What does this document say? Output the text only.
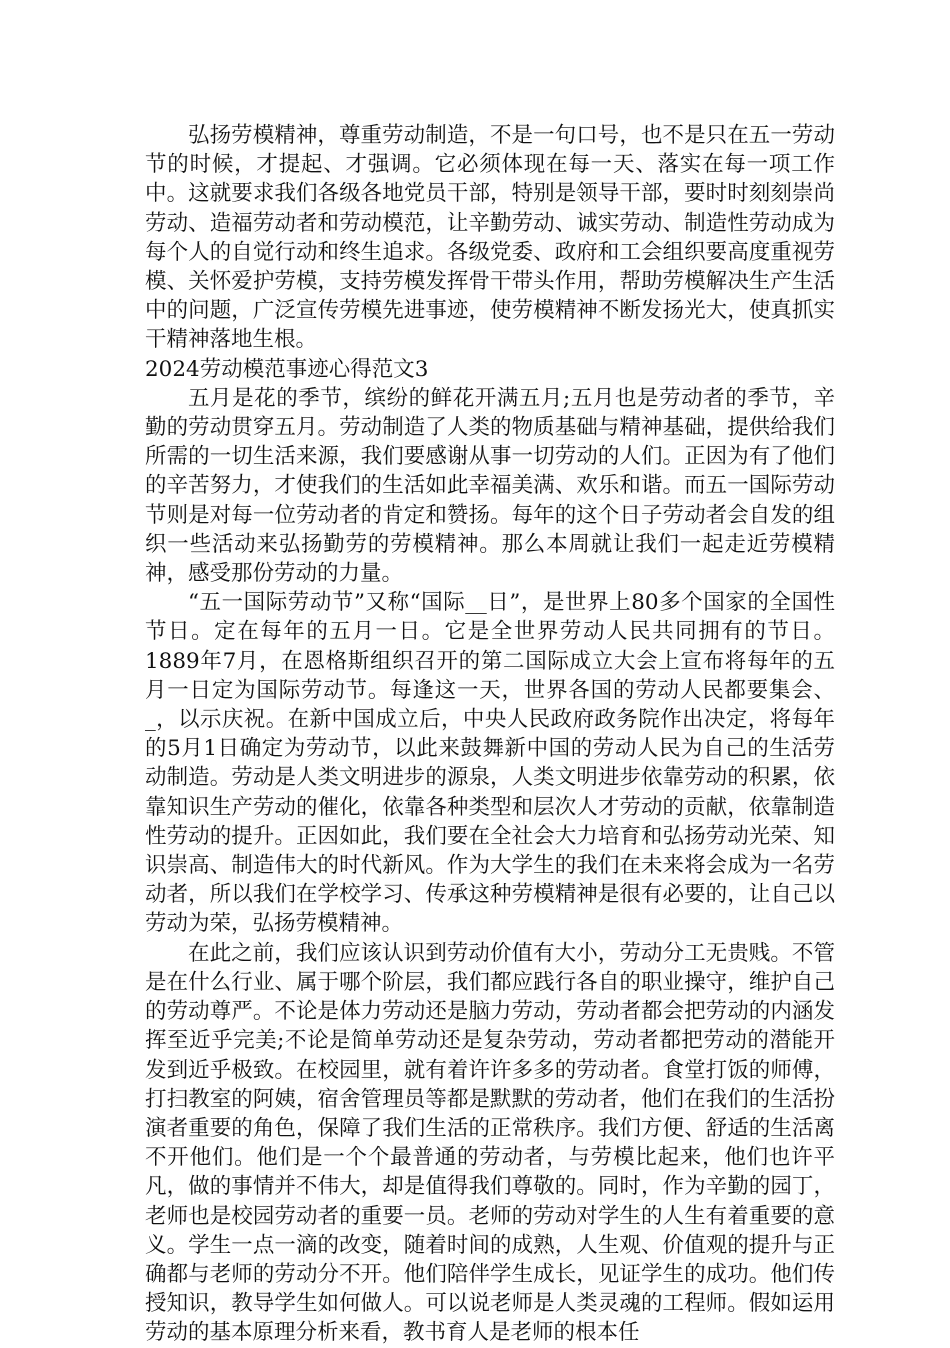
弘扬劳模精神，尊重劳动制造，不是一句口号，也不是只在五一劳动节的时候，才提起、才强调。它必须体现在每一天、落实在每一项工作中。这就要求我们各级各地党员干部，特别是领导干部，要时时刻刻崇尚劳动、造福劳动者和劳动模范，让辛勤劳动、诚实劳动、制造性劳动成为每个人的自觉行动和终生追求。各级党委、政府和工会组织要高度重视劳模、关怀爱护劳模，支持劳模发挥骨干带头作用，帮助劳模解决生产生活中的问题，广泛宣传劳模先进事迹，使劳模精神不断发扬光大，使真抓实干精神落地生根。

2024劳动模范事迹心得范文3

五月是花的季节，缤纷的鲜花开满五月;五月也是劳动者的季节，辛勤的劳动贯穿五月。劳动制造了人类的物质基础与精神基础，提供给我们所需的一切生活来源，我们要感谢从事一切劳动的人们。正因为有了他们的辛苦努力，才使我们的生活如此幸福美满、欢乐和谐。而五一国际劳动节则是对每一位劳动者的肯定和赞扬。每年的这个日子劳动者会自发的组织一些活动来弘扬勤劳的劳模精神。那么本周就让我们一起走近劳模精神，感受那份劳动的力量。

“五一国际劳动节”又称“国际__日”，是世界上80多个国家的全国性节日。定在每年的五月一日。它是全世界劳动人民共同拥有的节日。1889年7月，在恩格斯组织召开的第二国际成立大会上宣布将每年的五月一日定为国际劳动节。每逢这一天，世界各国的劳动人民都要集会、_，以示庆祝。在新中国成立后，中央人民政府政务院作出决定，将每年的5月1日确定为劳动节，以此来鼓舞新中国的劳动人民为自己的生活劳动制造。劳动是人类文明进步的源泉，人类文明进步依靠劳动的积累，依靠知识生产劳动的催化，依靠各种类型和层次人才劳动的贡献，依靠制造性劳动的提升。正因如此，我们要在全社会大力培育和弘扬劳动光荣、知识崇高、制造伟大的时代新风。作为大学生的我们在未来将会成为一名劳动者，所以我们在学校学习、传承这种劳模精神是很有必要的，让自己以劳动为荣，弘扬劳模精神。

在此之前，我们应该认识到劳动价值有大小，劳动分工无贵贱。不管是在什么行业、属于哪个阶层，我们都应践行各自的职业操守，维护自己的劳动尊严。不论是体力劳动还是脑力劳动，劳动者都会把劳动的内涵发挥至近乎完美;不论是简单劳动还是复杂劳动，劳动者都把劳动的潜能开发到近乎极致。在校园里，就有着许许多多的劳动者。食堂打饭的师傅，打扫教室的阿姨，宿舍管理员等都是默默的劳动者，他们在我们的生活扮演者重要的角色，保障了我们生活的正常秩序。我们方便、舒适的生活离不开他们。他们是一个个最普通的劳动者，与劳模比起来，他们也许平凡，做的事情并不伟大，却是值得我们尊敬的。同时，作为辛勤的园丁，老师也是校园劳动者的重要一员。老师的劳动对学生的人生有着重要的意义。学生一点一滴的改变，随着时间的成熟，人生观、价值观的提升与正确都与老师的劳动分不开。他们陪伴学生成长，见证学生的成功。他们传授知识，教导学生如何做人。可以说老师是人类灵魂的工程师。假如运用劳动的基本原理分析来看，教书育人是老师的根本任
